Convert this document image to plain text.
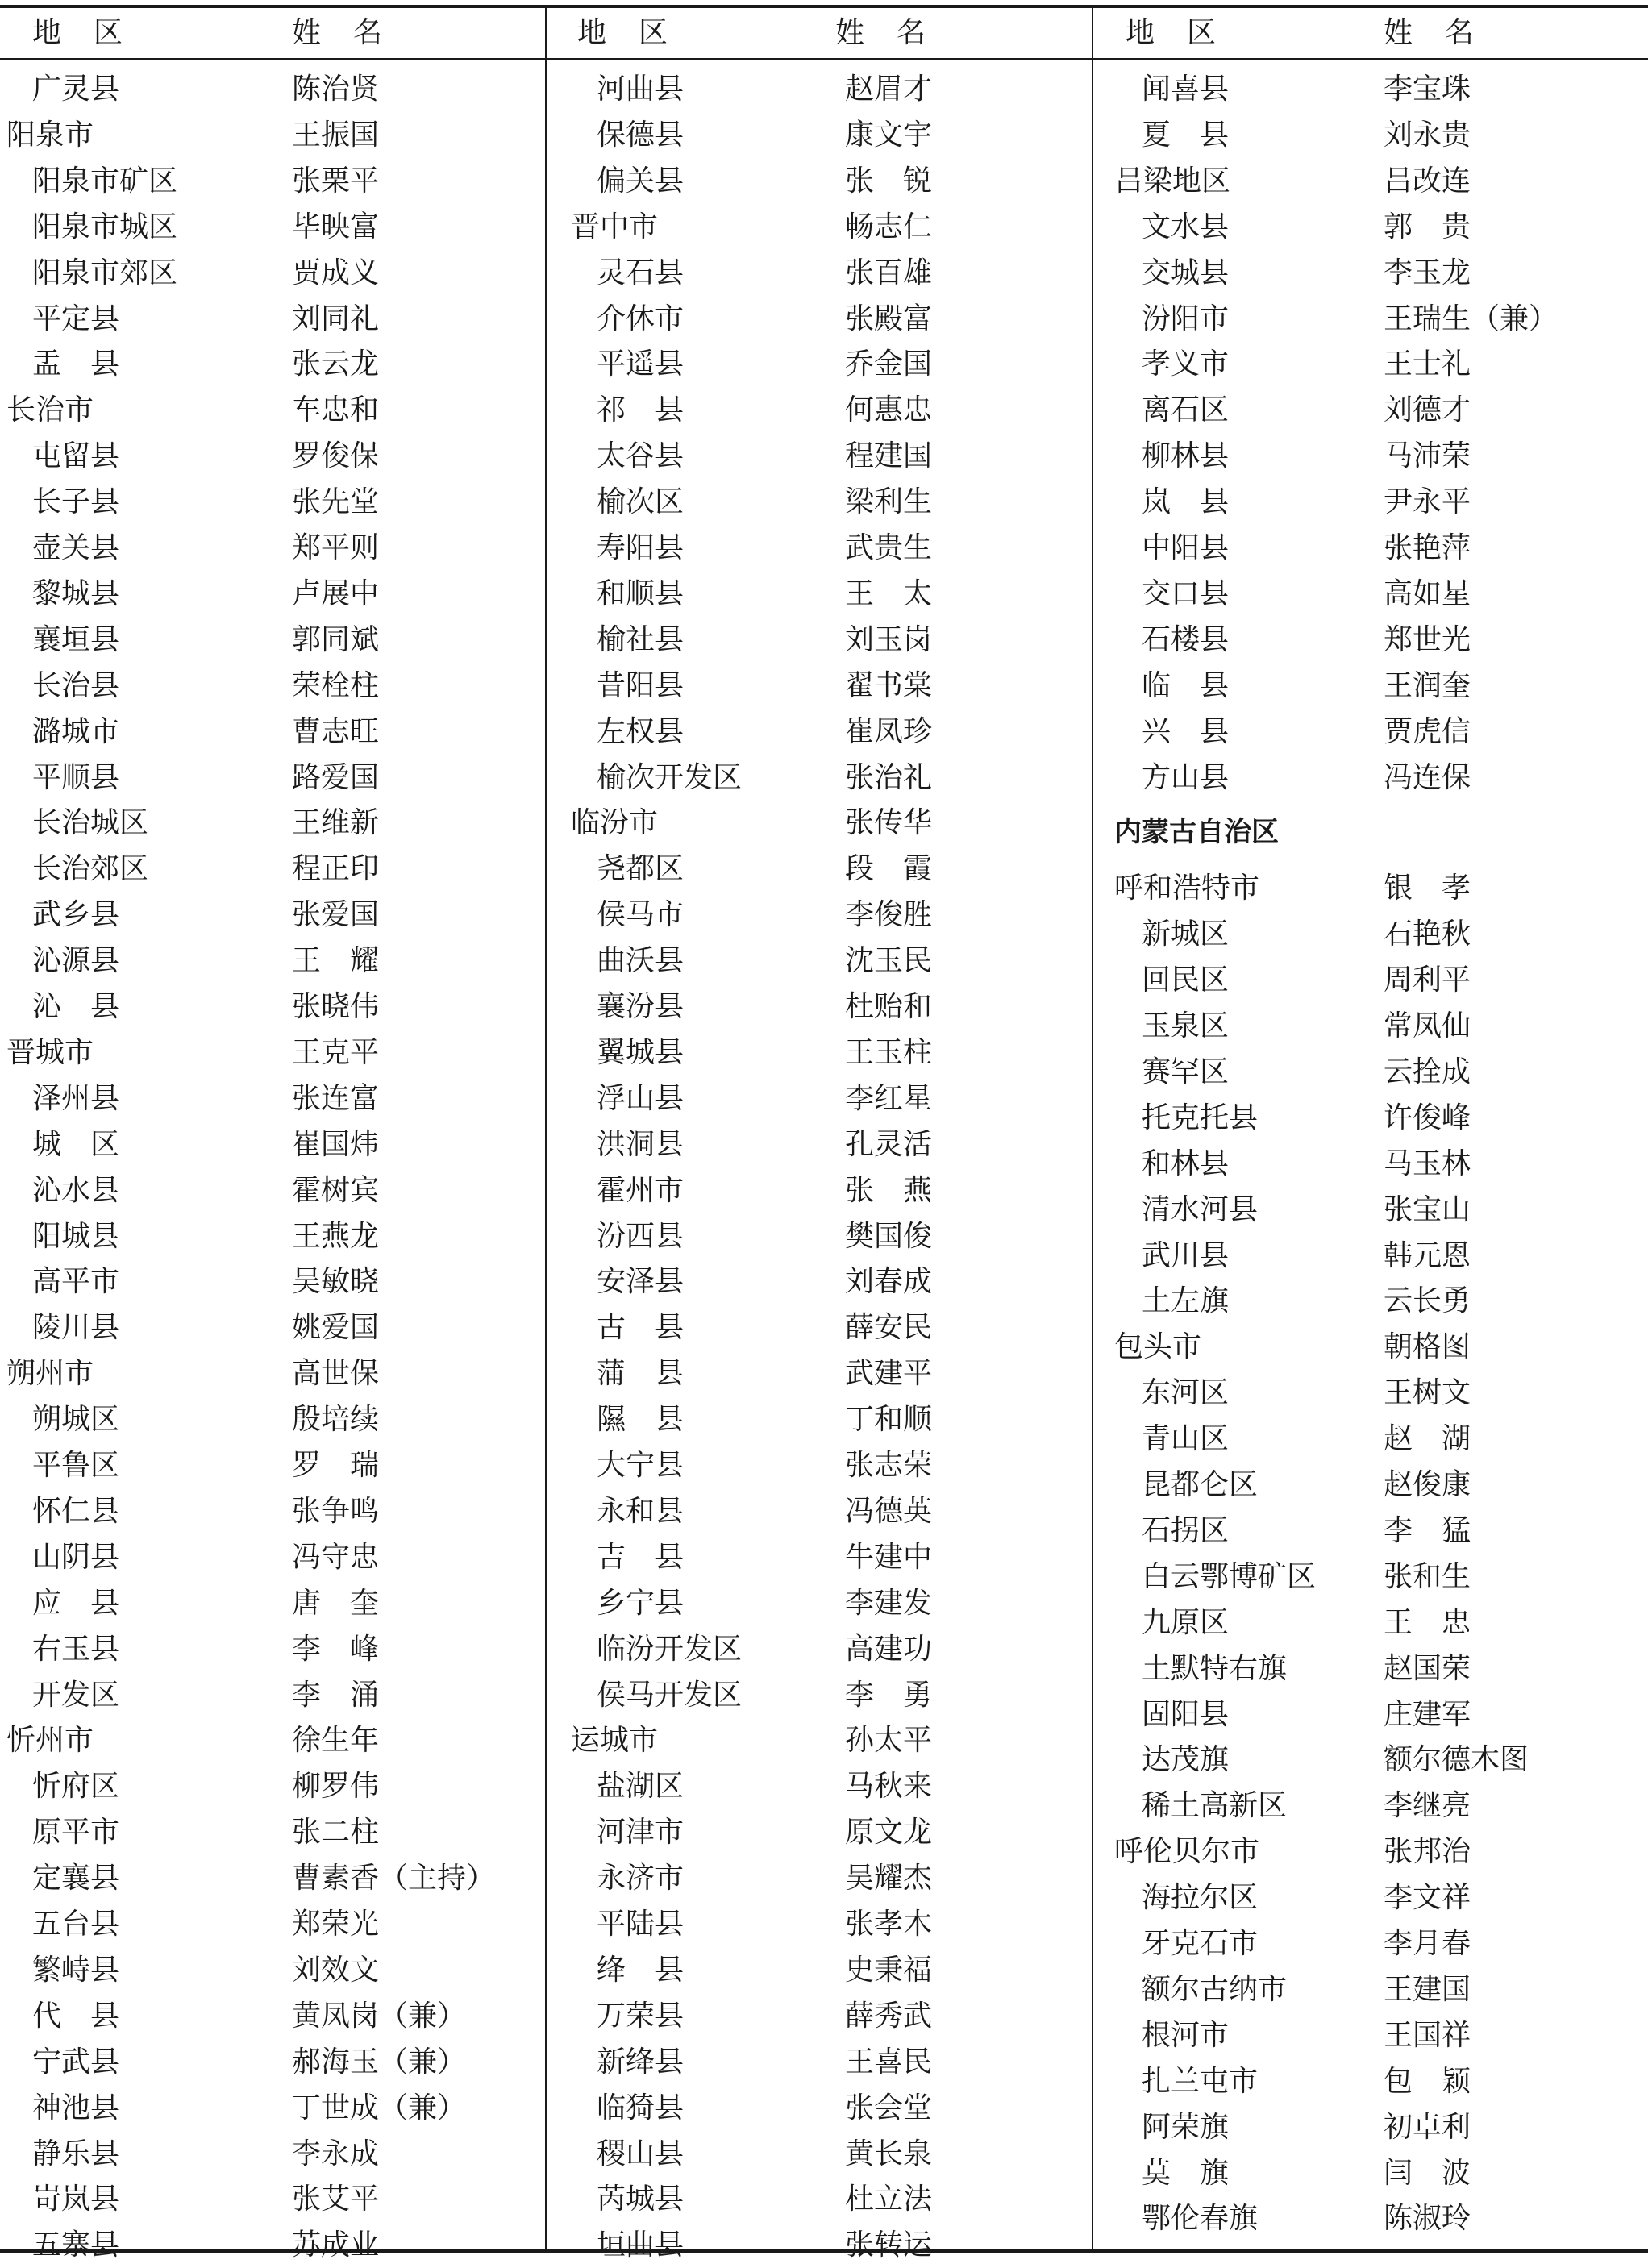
地　区	姓　名
广灵县	陈治贤
阳泉市	王振国
阳泉市矿区	张栗平
阳泉市城区	毕映富
阳泉市郊区	贾成义
平定县	刘同礼
盂　县	张云龙
长治市	车忠和
屯留县	罗俊保
长子县	张先堂
壶关县	郑平则
黎城县	卢展中
襄垣县	郭同斌
长治县	荣栓柱
潞城市	曹志旺
平顺县	路爱国
长治城区	王维新
长治郊区	程正印
武乡县	张爱国
沁源县	王　耀
沁　县	张晓伟
晋城市	王克平
泽州县	张连富
城　区	崔国炜
沁水县	霍树宾
阳城县	王燕龙
高平市	吴敏晓
陵川县	姚爱国
朔州市	高世保
朔城区	殷培续
平鲁区	罗　瑞
怀仁县	张争鸣
山阴县	冯守忠
应　县	唐　奎
右玉县	李　峰
开发区	李　涌
忻州市	徐生年
忻府区	柳罗伟
原平市	张二柱
定襄县	曹素香（主持）
五台县	郑荣光
繁峙县	刘效文
代　县	黄凤岗（兼）
宁武县	郝海玉（兼）
神池县	丁世成（兼）
静乐县	李永成
岢岚县	张艾平
五寨县	苏成业
地　区	姓　名
河曲县	赵眉才
保德县	康文宇
偏关县	张　锐
晋中市	畅志仁
灵石县	张百雄
介休市	张殿富
平遥县	乔金国
祁　县	何惠忠
太谷县	程建国
榆次区	梁利生
寿阳县	武贵生
和顺县	王　太
榆社县	刘玉岗
昔阳县	翟书棠
左权县	崔凤珍
榆次开发区	张治礼
临汾市	张传华
尧都区	段　霞
侯马市	李俊胜
曲沃县	沈玉民
襄汾县	杜贻和
翼城县	王玉柱
浮山县	李红星
洪洞县	孔灵活
霍州市	张　燕
汾西县	樊国俊
安泽县	刘春成
古　县	薛安民
蒲　县	武建平
隰　县	丁和顺
大宁县	张志荣
永和县	冯德英
吉　县	牛建中
乡宁县	李建发
临汾开发区	高建功
侯马开发区	李　勇
运城市	孙太平
盐湖区	马秋来
河津市	原文龙
永济市	吴耀杰
平陆县	张孝木
绛　县	史秉福
万荣县	薛秀武
新绛县	王喜民
临猗县	张会堂
稷山县	黄长泉
芮城县	杜立法
垣曲县	张转运
地　区	姓　名
闻喜县	李宝珠
夏　县	刘永贵
吕梁地区	吕改连
文水县	郭　贵
交城县	李玉龙
汾阳市	王瑞生（兼）
孝义市	王士礼
离石区	刘德才
柳林县	马沛荣
岚　县	尹永平
中阳县	张艳萍
交口县	高如星
石楼县	郑世光
临　县	王润奎
兴　县	贾虎信
方山县	冯连保
内蒙古自治区
呼和浩特市	银　孝
新城区	石艳秋
回民区	周利平
玉泉区	常凤仙
赛罕区	云拴成
托克托县	许俊峰
和林县	马玉林
清水河县	张宝山
武川县	韩元恩
土左旗	云长勇
包头市	朝格图
东河区	王树文
青山区	赵　湖
昆都仑区	赵俊康
石拐区	李　猛
白云鄂博矿区 张和生
九原区	王　忠
土默特右旗	赵国荣
固阳县	庄建军
达茂旗	额尔德木图
稀土高新区	李继亮
呼伦贝尔市	张邦治
海拉尔区	李文祥
牙克石市	李月春
额尔古纳市	王建国
根河市	王国祥
扎兰屯市	包　颖
阿荣旗	初卓利
莫　旗	闫　波
鄂伦春旗	陈淑玲
